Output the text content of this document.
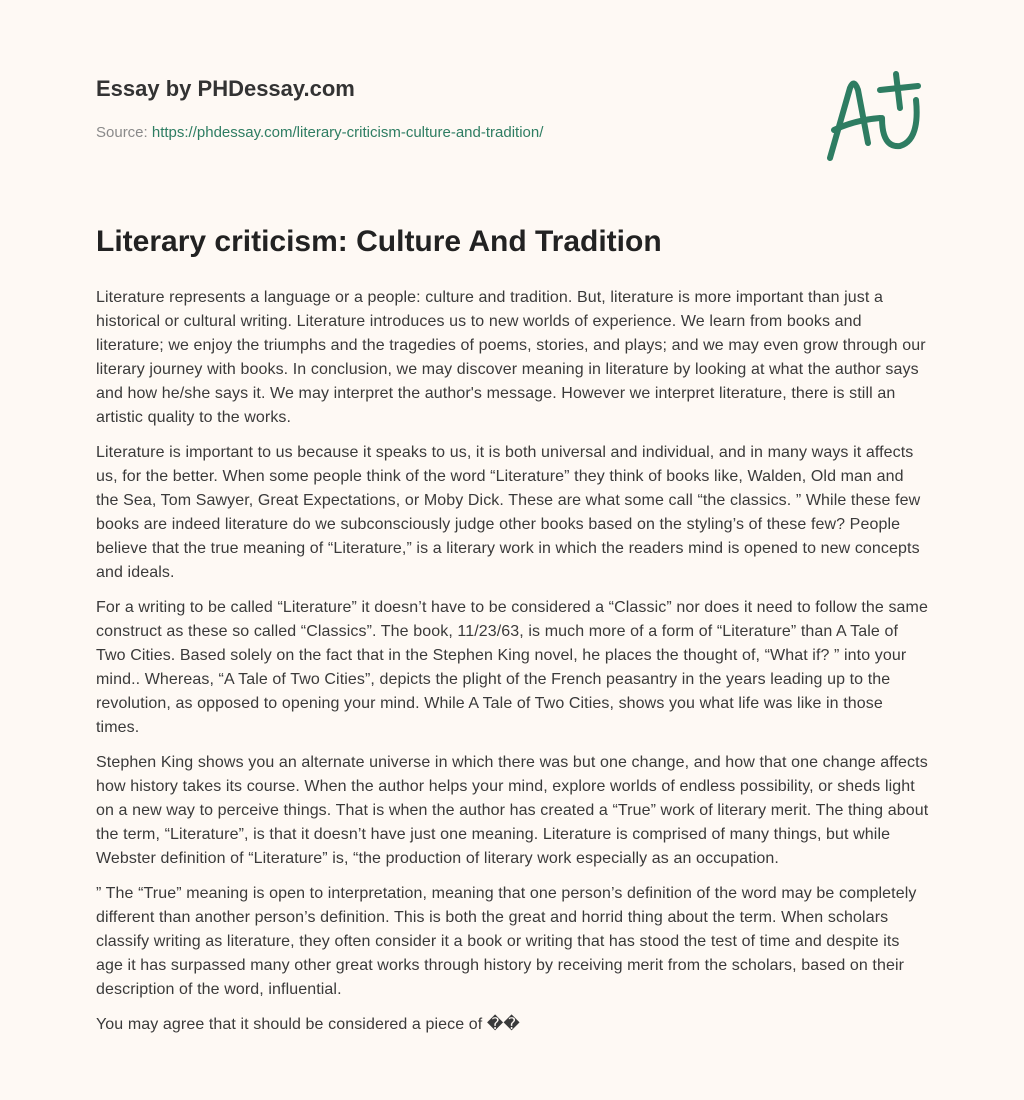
Essay by PHDessay.com
Source: https://phdessay.com/literary-criticism-culture-and-tradition/
Literary criticism: Culture And Tradition

Literature represents a language or a people: culture and tradition. But, literature is more important than just a historical or cultural writing. Literature introduces us to new worlds of experience. We learn from books and literature; we enjoy the triumphs and the tragedies of poems, stories, and plays; and we may even grow through our literary journey with books. In conclusion, we may discover meaning in literature by looking at what the author says and how he/she says it. We may interpret the author's message. However we interpret literature, there is still an artistic quality to the works.

Literature is important to us because it speaks to us, it is both universal and individual, and in many ways it affects us, for the better. When some people think of the word “Literature” they think of books like, Walden, Old man and the Sea, Tom Sawyer, Great Expectations, or Moby Dick. These are what some call “the classics. ” While these few books are indeed literature do we subconsciously judge other books based on the styling’s of these few? People believe that the true meaning of “Literature,” is a literary work in which the readers mind is opened to new concepts and ideals.

For a writing to be called “Literature” it doesn’t have to be considered a “Classic” nor does it need to follow the same construct as these so called “Classics”. The book, 11/23/63, is much more of a form of “Literature” than A Tale of Two Cities. Based solely on the fact that in the Stephen King novel, he places the thought of, “What if? ” into your mind.. Whereas, “A Tale of Two Cities”, depicts the plight of the French peasantry in the years leading up to the revolution, as opposed to opening your mind. While A Tale of Two Cities, shows you what life was like in those times.

Stephen King shows you an alternate universe in which there was but one change, and how that one change affects how history takes its course. When the author helps your mind, explore worlds of endless possibility, or sheds light on a new way to perceive things. That is when the author has created a “True” work of literary merit. The thing about the term, “Literature”, is that it doesn’t have just one meaning. Literature is comprised of many things, but while Webster definition of “Literature” is, “the production of literary work especially as an occupation.

” The “True” meaning is open to interpretation, meaning that one person’s definition of the word may be completely different than another person’s definition. This is both the great and horrid thing about the term. When scholars classify writing as literature, they often consider it a book or writing that has stood the test of time and despite its age it has surpassed many other great works through history by receiving merit from the scholars, based on their description of the word, influential.

You may agree that it should be considered a piece of ��
